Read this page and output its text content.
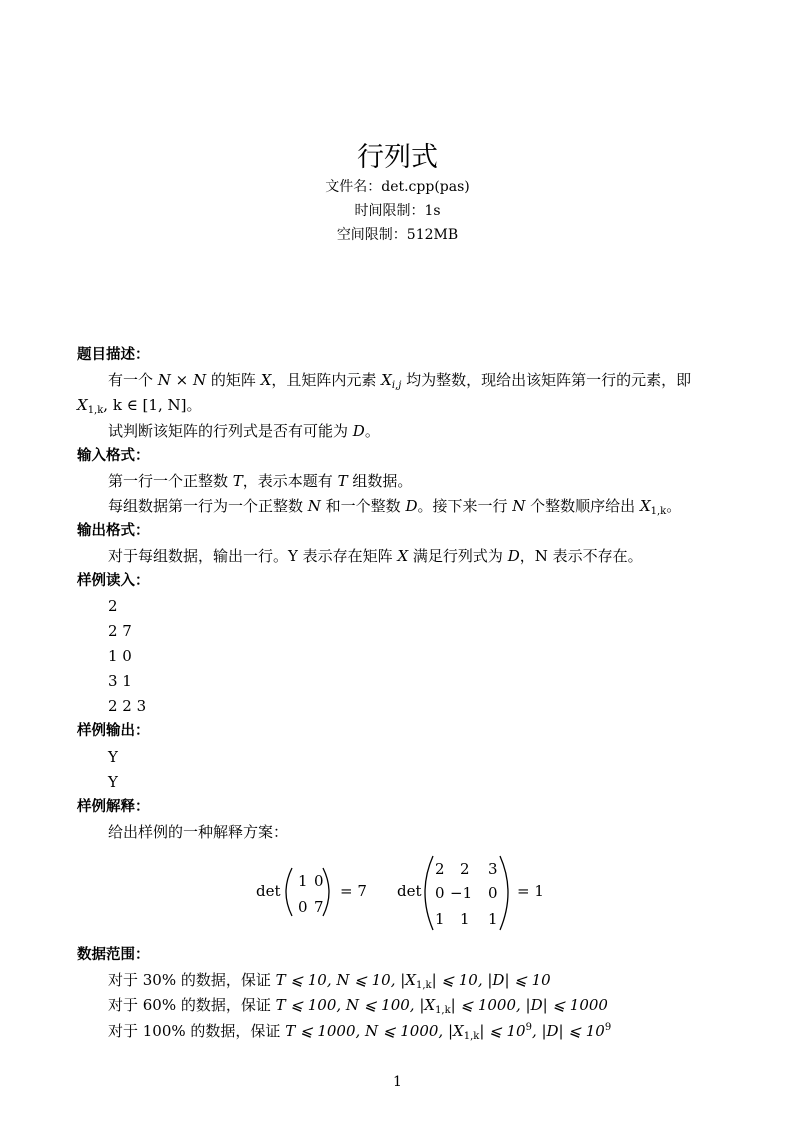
行列式
文件名：det.cpp(pas)
时间限制：1s
空间限制：512MB
题目描述：
有一个 N × N 的矩阵 X，且矩阵内元素 $X_{i,j}$ 均为整数，现给出该矩阵第一行的元素，即
$X_{1,k}$, k ∈ [1, N]。
试判断该矩阵的行列式是否有可能为 D。
输入格式：
第一行一个正整数 T，表示本题有 T 组数据。
每组数据第一行为一个正整数 N 和一个整数 D。接下来一行 N 个整数顺序给出 $X_{1,k}$。
输出格式：
对于每组数据，输出一行。Y 表示存在矩阵 X 满足行列式为 D，N 表示不存在。
样例读入：
2
2 7
1 0
3 1
2 2 3
样例输出：
Y
Y
样例解释：
给出样例的一种解释方案：
det
1 0
0 7
= 7 det
2 2 3
0 −1 0
1 1 1
= 1
数据范围：
对于 30% 的数据，保证 T ⩽ 10, N ⩽ 10, $|X_{1,k}|$ ⩽ 10, |D| ⩽ 10
对于 60% 的数据，保证 T ⩽ 100, N ⩽ 100, $|X_{1,k}|$ ⩽ 1000, |D| ⩽ 1000
对于 100% 的数据，保证 T ⩽ 1000, N ⩽ 1000, $|X_{1,k}|$ ⩽ $10^9$, |D| ⩽ $10^9$
1
